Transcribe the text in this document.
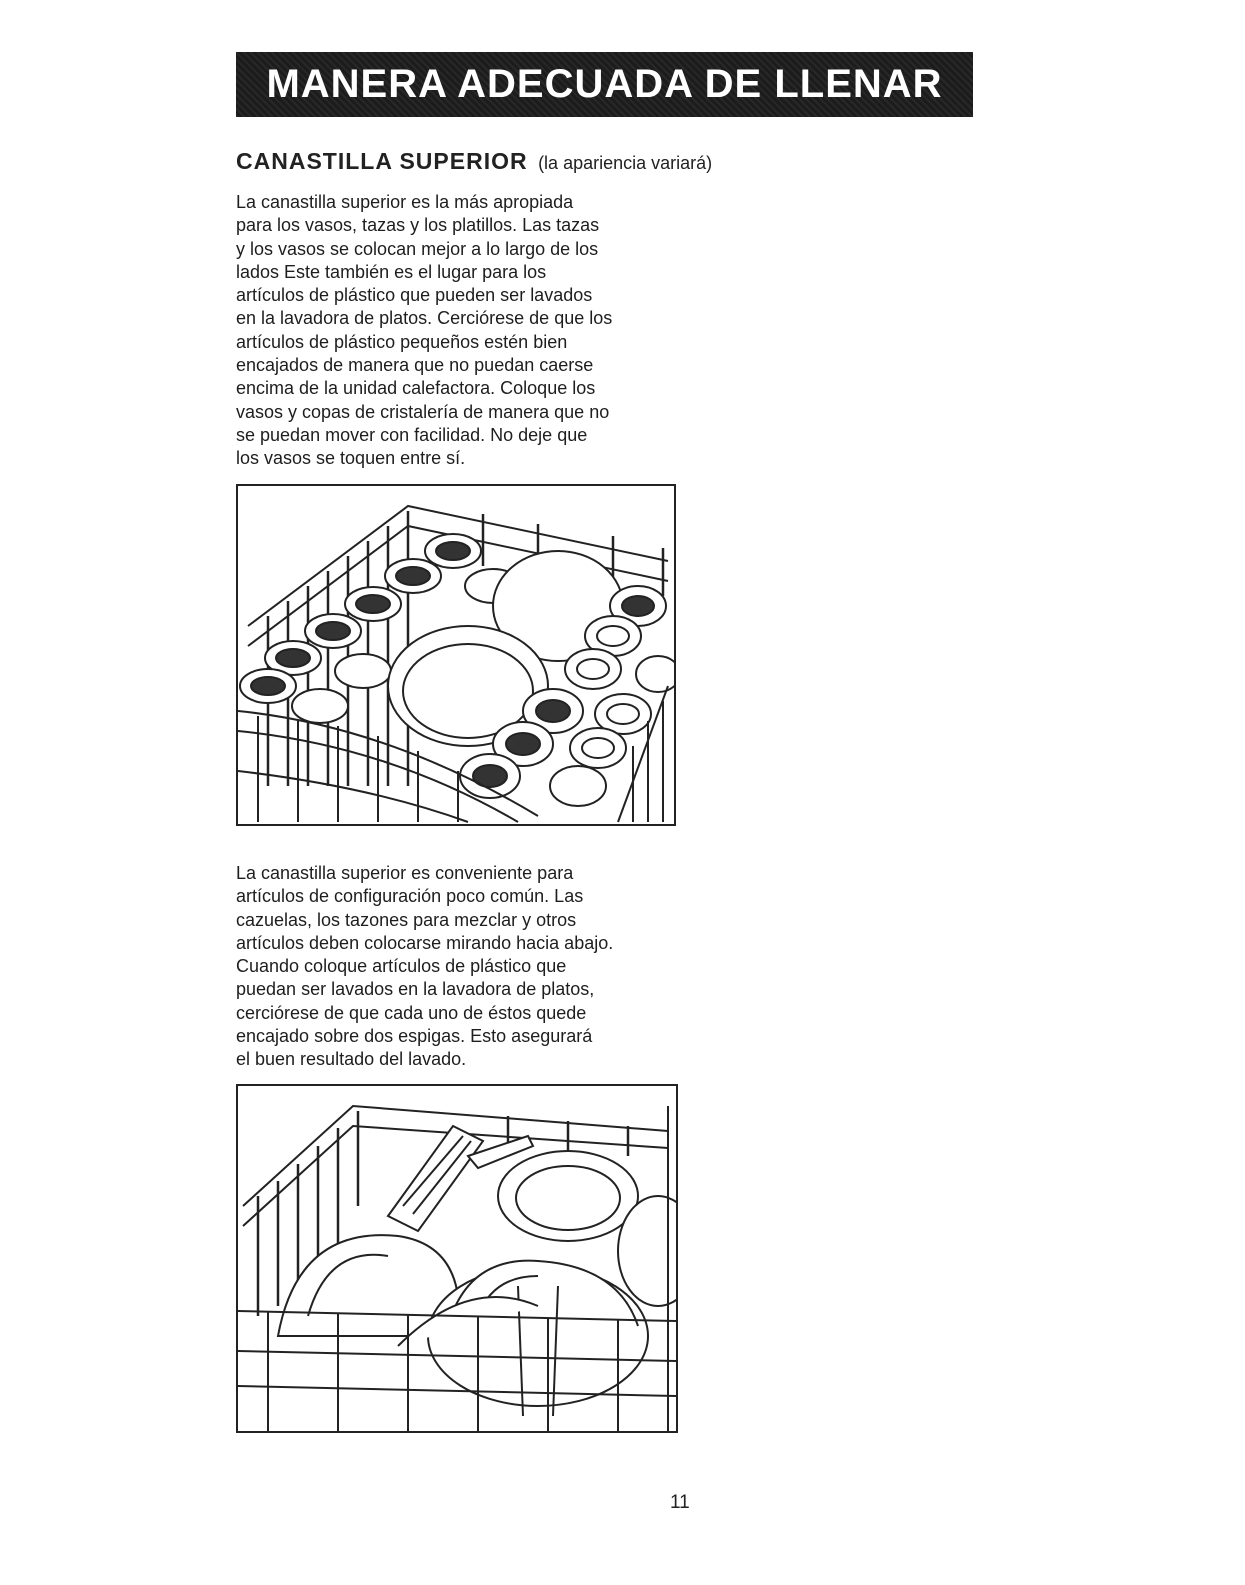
MANERA ADECUADA DE LLENAR
CANASTILLA SUPERIOR (la apariencia variará)

La canastilla superior es la más apropiada
para los vasos, tazas y los platillos. Las tazas
y los vasos se colocan mejor a lo largo de los
lados Este también es el lugar para los
artículos de plástico que pueden ser lavados
en la lavadora de platos. Cerciórese de que los
artículos de plástico pequeños estén bien
encajados de manera que no puedan caerse
encima de la unidad calefactora. Coloque los
vasos y copas de cristalería de manera que no
se puedan mover con facilidad. No deje que
los vasos se toquen entre sí.

La canastilla superior es conveniente para
artículos de configuración poco común. Las
cazuelas, los tazones para mezclar y otros
artículos deben colocarse mirando hacia abajo.
Cuando coloque artículos de plástico que
puedan ser lavados en la lavadora de platos,
cerciórese de que cada uno de éstos quede
encajado sobre dos espigas. Esto asegurará
el buen resultado del lavado.

11
